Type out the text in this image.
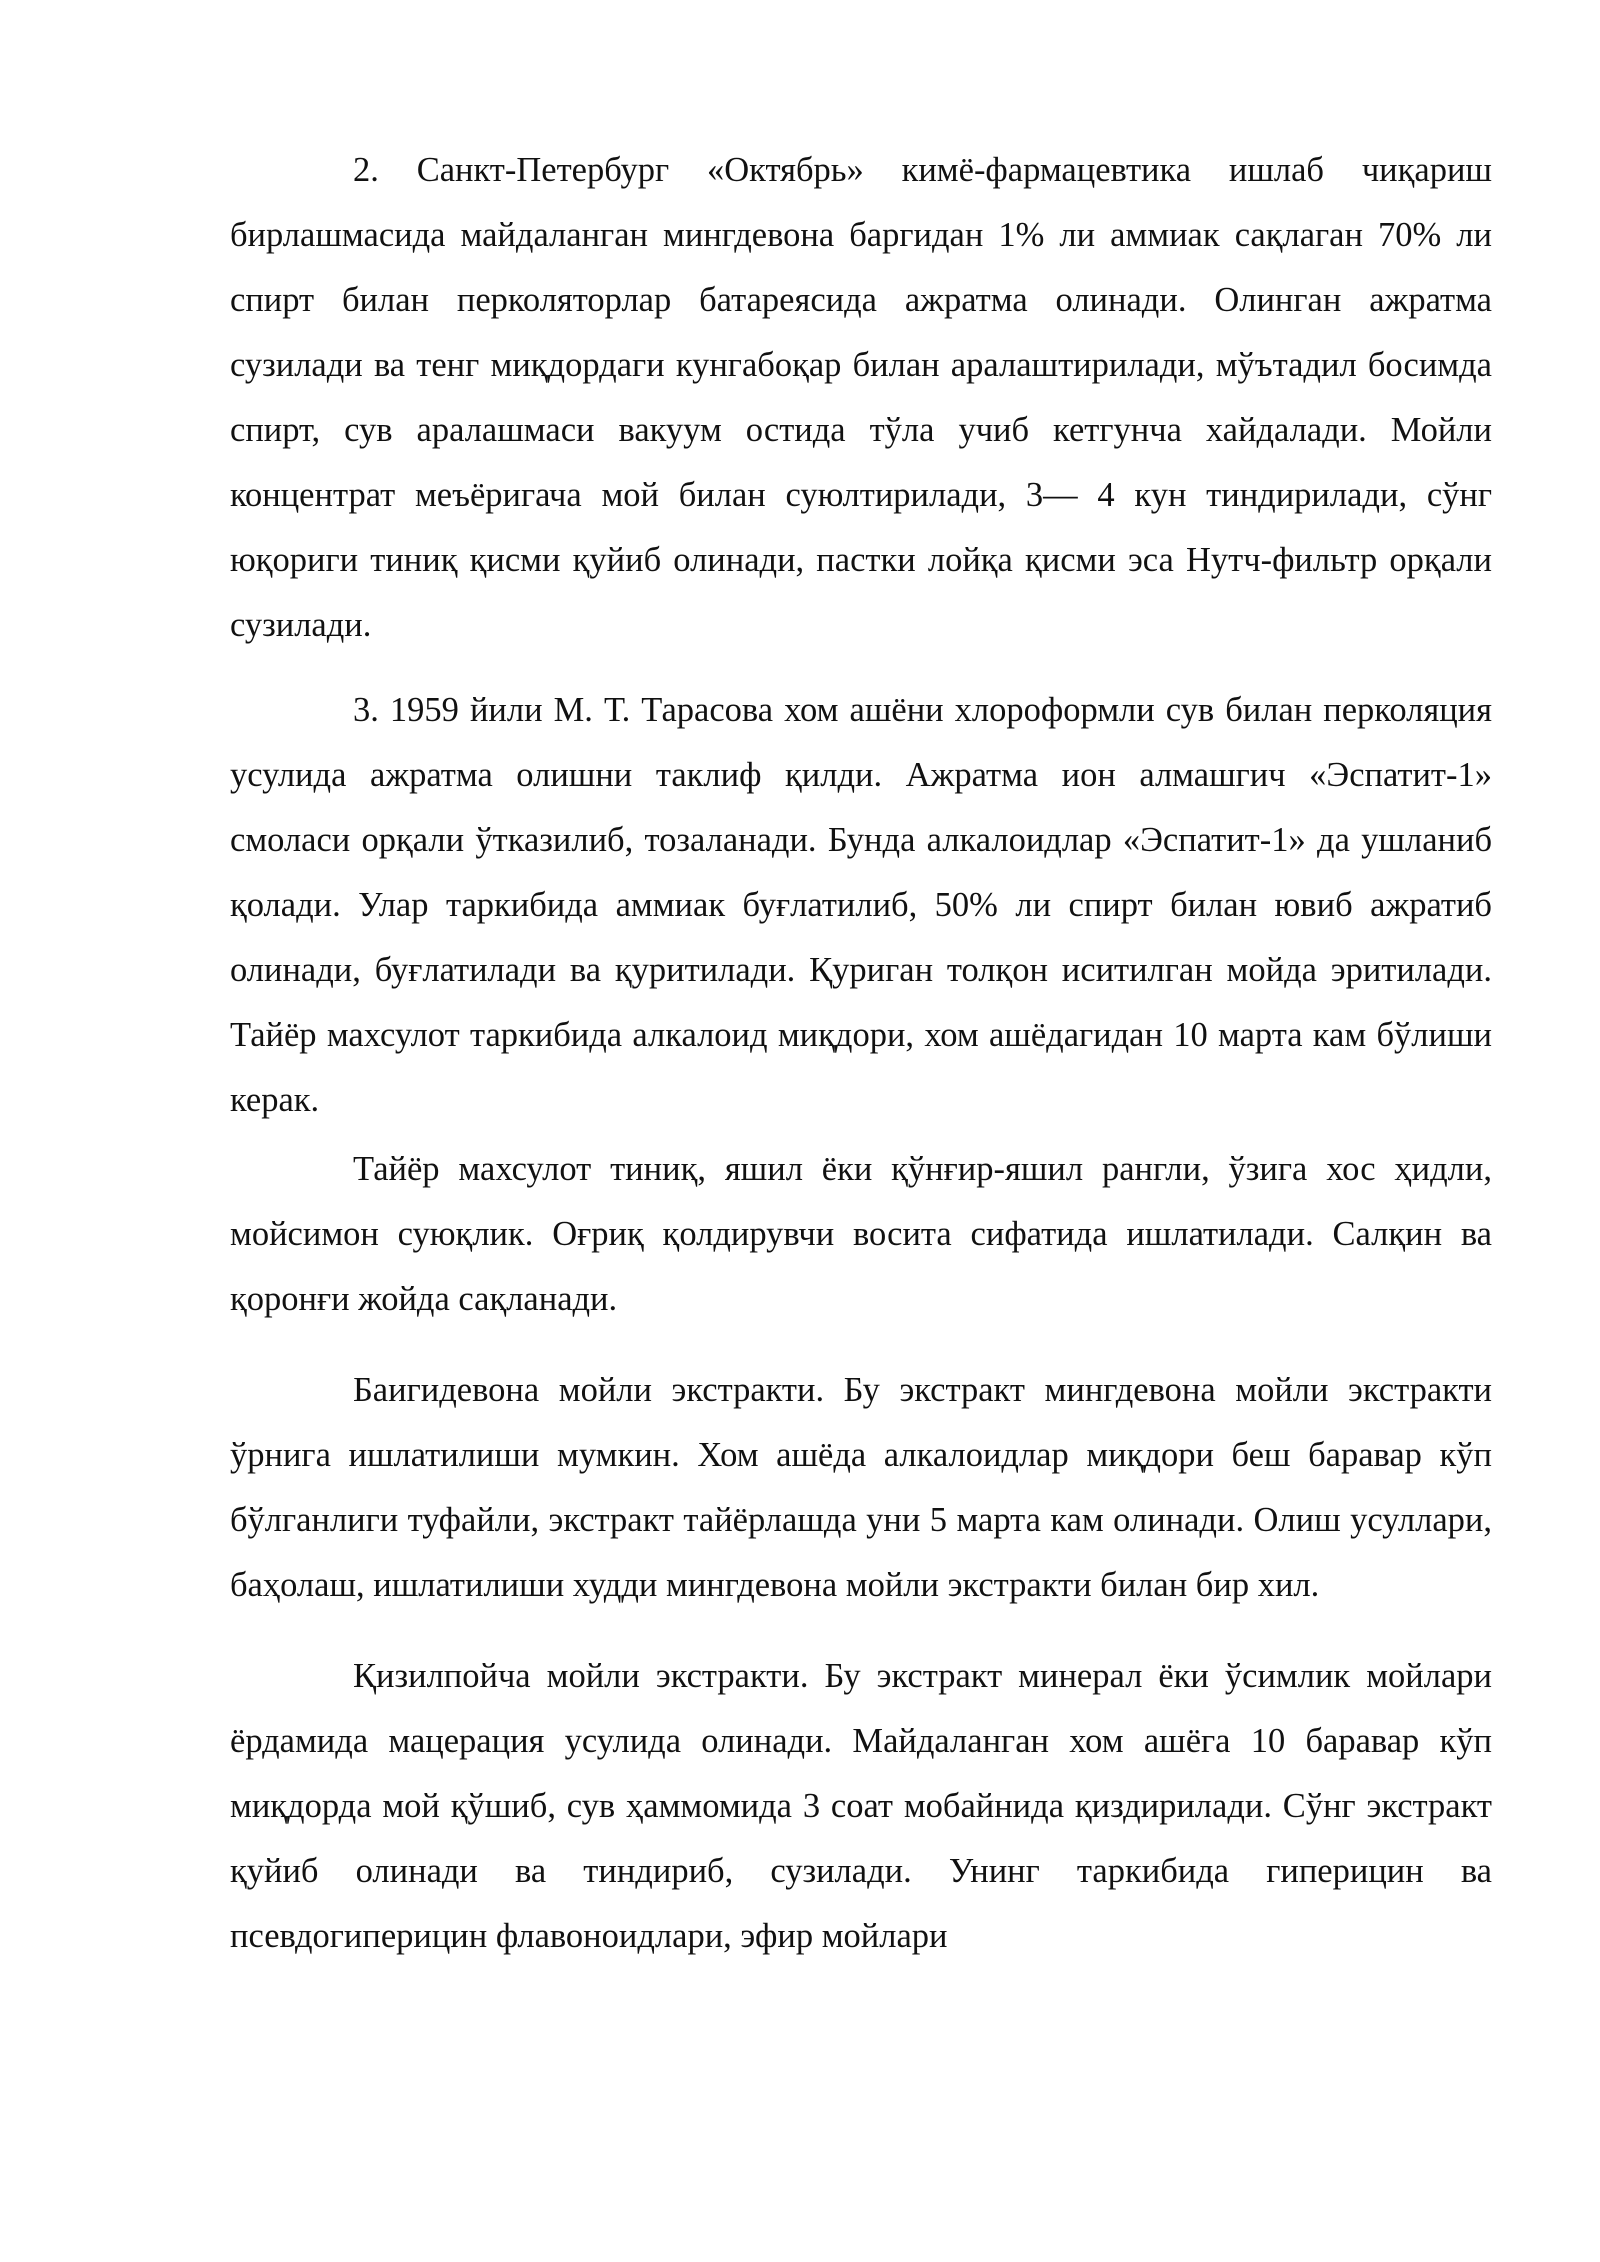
2. Санкт-Петербург «Октябрь» кимё-фармацевтика ишлаб чиқариш бирлашмасида майдаланган мингдевона баргидан 1% ли аммиак сақлаган 70% ли спирт билан перколяторлар батареясида ажратма олинади. Олинган ажратма сузилади ва тенг миқдордаги кунгабоқар билан аралаштирилади, мўътадил босимда спирт, сув аралашмаси вакуум остида тўла учиб кетгунча хайдалади. Мойли концентрат меъёригача мой билан суюлтирилади, 3— 4 кун тиндирилади, сўнг юқориги тиниқ қисми қуйиб олинади, пастки лойқа қисми эса Нутч-фильтр орқали сузилади.

3. 1959 йили М. Т. Тарасова хом ашёни хлороформли сув билан перколяция усулида ажратма олишни таклиф қилди. Ажратма ион алмашгич «Эспатит-1» смоласи орқали ўтказилиб, тозаланади. Бунда алкалоидлар «Эспатит-1» да ушланиб қолади. Улар таркибида аммиак буғлатилиб, 50% ли спирт билан ювиб ажратиб олинади, буғлатилади ва қуритилади. Қуриган толқон иситилган мойда эритилади. Тайёр махсулот таркибида алкалоид миқдори, хом ашёдагидан 10 марта кам бўлиши керак.

Тайёр махсулот тиниқ, яшил ёки қўнғир-яшил рангли, ўзига хос ҳидли, мойсимон суюқлик. Оғриқ қолдирувчи восита сифатида ишлатилади. Салқин ва қоронғи жойда сақланади.

Баигидевона мойли экстракти. Бу экстракт мингдевона мойли экстракти ўрнига ишлатилиши мумкин. Хом ашёда алкалоидлар миқдори беш баравар кўп бўлганлиги туфайли, экстракт тайёрлашда уни 5 марта кам олинади. Олиш усуллари, баҳолаш, ишлатилиши худди мингдевона мойли экстракти билан бир хил.

Қизилпойча мойли экстракти. Бу экстракт минерал ёки ўсимлик мойлари ёрдамида мацерация усулида олинади. Майдаланган хом ашёга 10 баравар кўп миқдорда мой қўшиб, сув ҳаммомида 3 соат мобайнида қиздирилади. Сўнг экстракт қуйиб олинади ва тиндириб, сузилади. Унинг таркибида гиперицин ва псевдогиперицин флавоноидлари, эфир мойлари
